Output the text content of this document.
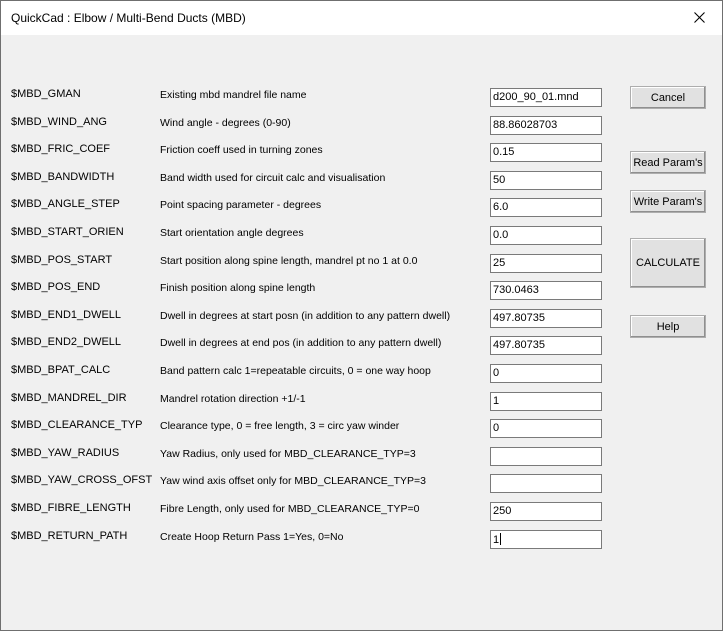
QuickCad : Elbow / Multi-Bend Ducts (MBD)
$MBD_GMAN	Existing mbd mandrel file name	d200_90_01.mnd
$MBD_WIND_ANG	Wind angle - degrees (0-90)	88.86028703
$MBD_FRIC_COEF	Friction coeff used in turning zones	0.15
$MBD_BANDWIDTH	Band width used for circuit calc and visualisation	50
$MBD_ANGLE_STEP	Point spacing parameter - degrees	6.0
$MBD_START_ORIEN	Start orientation angle degrees	0.0
$MBD_POS_START	Start position along spine length, mandrel pt no 1 at 0.0	25
$MBD_POS_END	Finish position along spine length	730.0463
$MBD_END1_DWELL	Dwell in degrees at start posn (in addition to any pattern dwell)	497.80735
$MBD_END2_DWELL	Dwell in degrees at end pos (in addition to any pattern dwell)	497.80735
$MBD_BPAT_CALC	Band pattern calc 1=repeatable circuits, 0 = one way hoop	0
$MBD_MANDREL_DIR	Mandrel rotation direction +1/-1	1
$MBD_CLEARANCE_TYP	Clearance type, 0 = free length, 3 = circ yaw winder	0
$MBD_YAW_RADIUS	Yaw Radius, only used for MBD_CLEARANCE_TYP=3
$MBD_YAW_CROSS_OFST Yaw wind axis offset only for MBD_CLEARANCE_TYP=3
$MBD_FIBRE_LENGTH	Fibre Length, only used for MBD_CLEARANCE_TYP=0	250
$MBD_RETURN_PATH	Create Hoop Return Pass 1=Yes, 0=No	1
Cancel
Read Param's
Write Param's
CALCULATE
Help
